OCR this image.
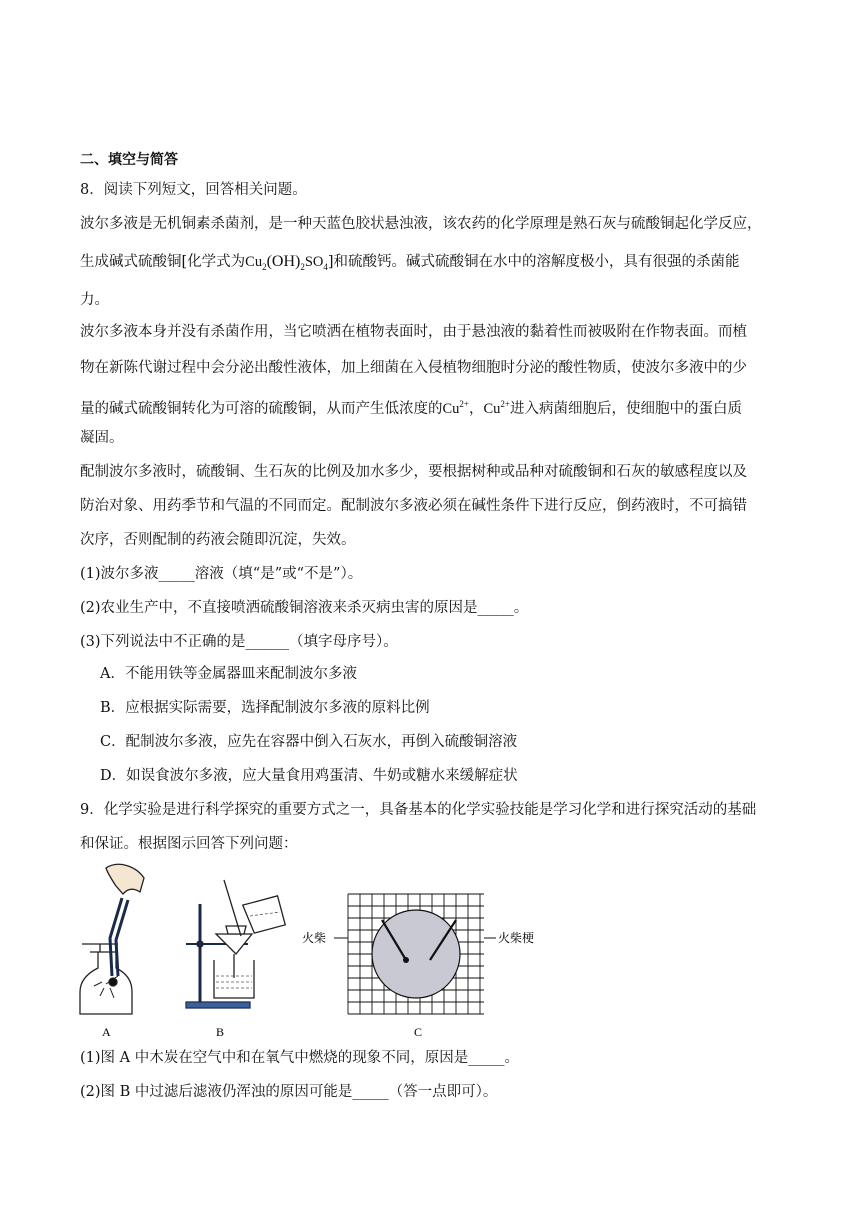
二、填空与简答
8．阅读下列短文，回答相关问题。
波尔多液是无机铜素杀菌剂，是一种天蓝色胶状悬浊液，该农药的化学原理是熟石灰与硫酸铜起化学反应，
生成碱式硫酸铜[化学式为$Cu_2(OH)_2SO_4$]和硫酸钙。碱式硫酸铜在水中的溶解度极小，具有很强的杀菌能
力。
波尔多液本身并没有杀菌作用，当它喷洒在植物表面时，由于悬浊液的黏着性而被吸附在作物表面。而植
物在新陈代谢过程中会分泌出酸性液体，加上细菌在入侵植物细胞时分泌的酸性物质，使波尔多液中的少
量的碱式硫酸铜转化为可溶的硫酸铜，从而产生低浓度的$Cu^{2+}$，$Cu^{2+}$进入病菌细胞后，使细胞中的蛋白质
凝固。
配制波尔多液时，硫酸铜、生石灰的比例及加水多少，要根据树种或品种对硫酸铜和石灰的敏感程度以及
防治对象、用药季节和气温的不同而定。配制波尔多液必须在碱性条件下进行反应，倒药液时，不可搞错
次序，否则配制的药液会随即沉淀，失效。
(1)波尔多液_____溶液（填“是”或“不是”）。
(2)农业生产中，不直接喷洒硫酸铜溶液来杀灭病虫害的原因是_____。
(3)下列说法中不正确的是______（填字母序号）。
A．不能用铁等金属器皿来配制波尔多液
B．应根据实际需要，选择配制波尔多液的原料比例
C．配制波尔多液，应先在容器中倒入石灰水，再倒入硫酸铜溶液
D．如误食波尔多液，应大量食用鸡蛋清、牛奶或糖水来缓解症状
9．化学实验是进行科学探究的重要方式之一，具备基本的化学实验技能是学习化学和进行探究活动的基础
和保证。根据图示回答下列问题：
A	B
火柴	火柴梗
C
(1)图 A 中木炭在空气中和在氧气中燃烧的现象不同，原因是_____。
(2)图 B 中过滤后滤液仍浑浊的原因可能是_____（答一点即可）。
